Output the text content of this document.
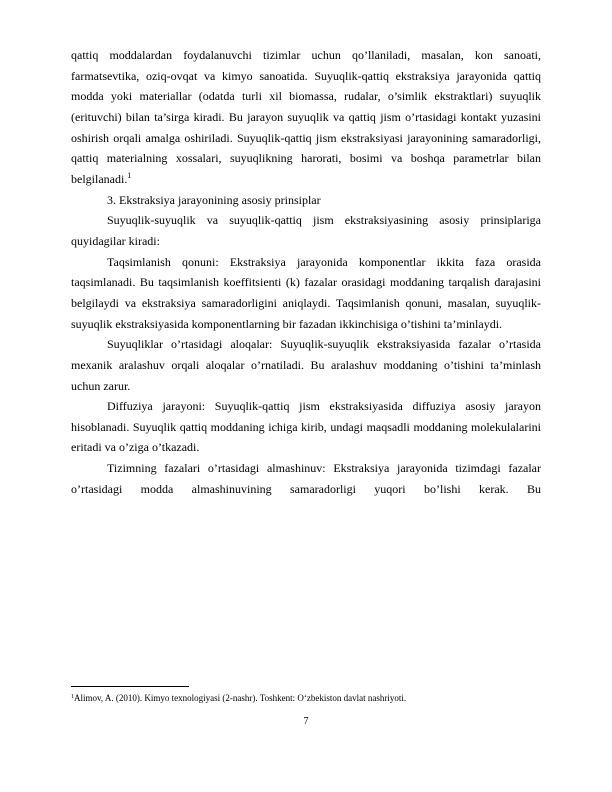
qattiq moddalardan foydalanuvchi tizimlar uchun qo’llaniladi, masalan, kon sanoati, farmatsevtika, oziq-ovqat va kimyo sanoatida. Suyuqlik-qattiq ekstraksiya jarayonida qattiq modda yoki materiallar (odatda turli xil biomassa, rudalar, o’simlik ekstraktlari) suyuqlik (erituvchi) bilan ta’sirga kiradi. Bu jarayon suyuqlik va qattiq jism o’rtasidagi kontakt yuzasini oshirish orqali amalga oshiriladi. Suyuqlik-qattiq jism ekstraksiyasi jarayonining samaradorligi, qattiq materialning xossalari, suyuqlikning harorati, bosimi va boshqa parametrlar bilan belgilanadi.$^1$

3. Ekstraksiya jarayonining asosiy prinsiplar

Suyuqlik-suyuqlik va suyuqlik-qattiq jism ekstraksiyasining asosiy prinsiplariga quyidagilar kiradi:

Taqsimlanish qonuni: Ekstraksiya jarayonida komponentlar ikkita faza orasida taqsimlanadi. Bu taqsimlanish koeffitsienti (k) fazalar orasidagi moddaning tarqalish darajasini belgilaydi va ekstraksiya samaradorligini aniqlaydi. Taqsimlanish qonuni, masalan, suyuqlik-suyuqlik ekstraksiyasida komponentlarning bir fazadan ikkinchisiga o’tishini ta’minlaydi.

Suyuqliklar o’rtasidagi aloqalar: Suyuqlik-suyuqlik ekstraksiyasida fazalar o’rtasida mexanik aralashuv orqali aloqalar o’rnatiladi. Bu aralashuv moddaning o’tishini ta’minlash uchun zarur.

Diffuziya jarayoni: Suyuqlik-qattiq jism ekstraksiyasida diffuziya asosiy jarayon hisoblanadi. Suyuqlik qattiq moddaning ichiga kirib, undagi maqsadli moddaning molekulalarini eritadi va o’ziga o’tkazadi.

Tizimning fazalari o’rtasidagi almashinuv: Ekstraksiya jarayonida tizimdagi fazalar o’rtasidagi modda almashinuvining samaradorligi yuqori bo’lishi kerak. Bu

$^1$Alimov, A. (2010). Kimyo texnologiyasi (2-nashr). Toshkent: O‘zbekiston davlat nashriyoti.

7
